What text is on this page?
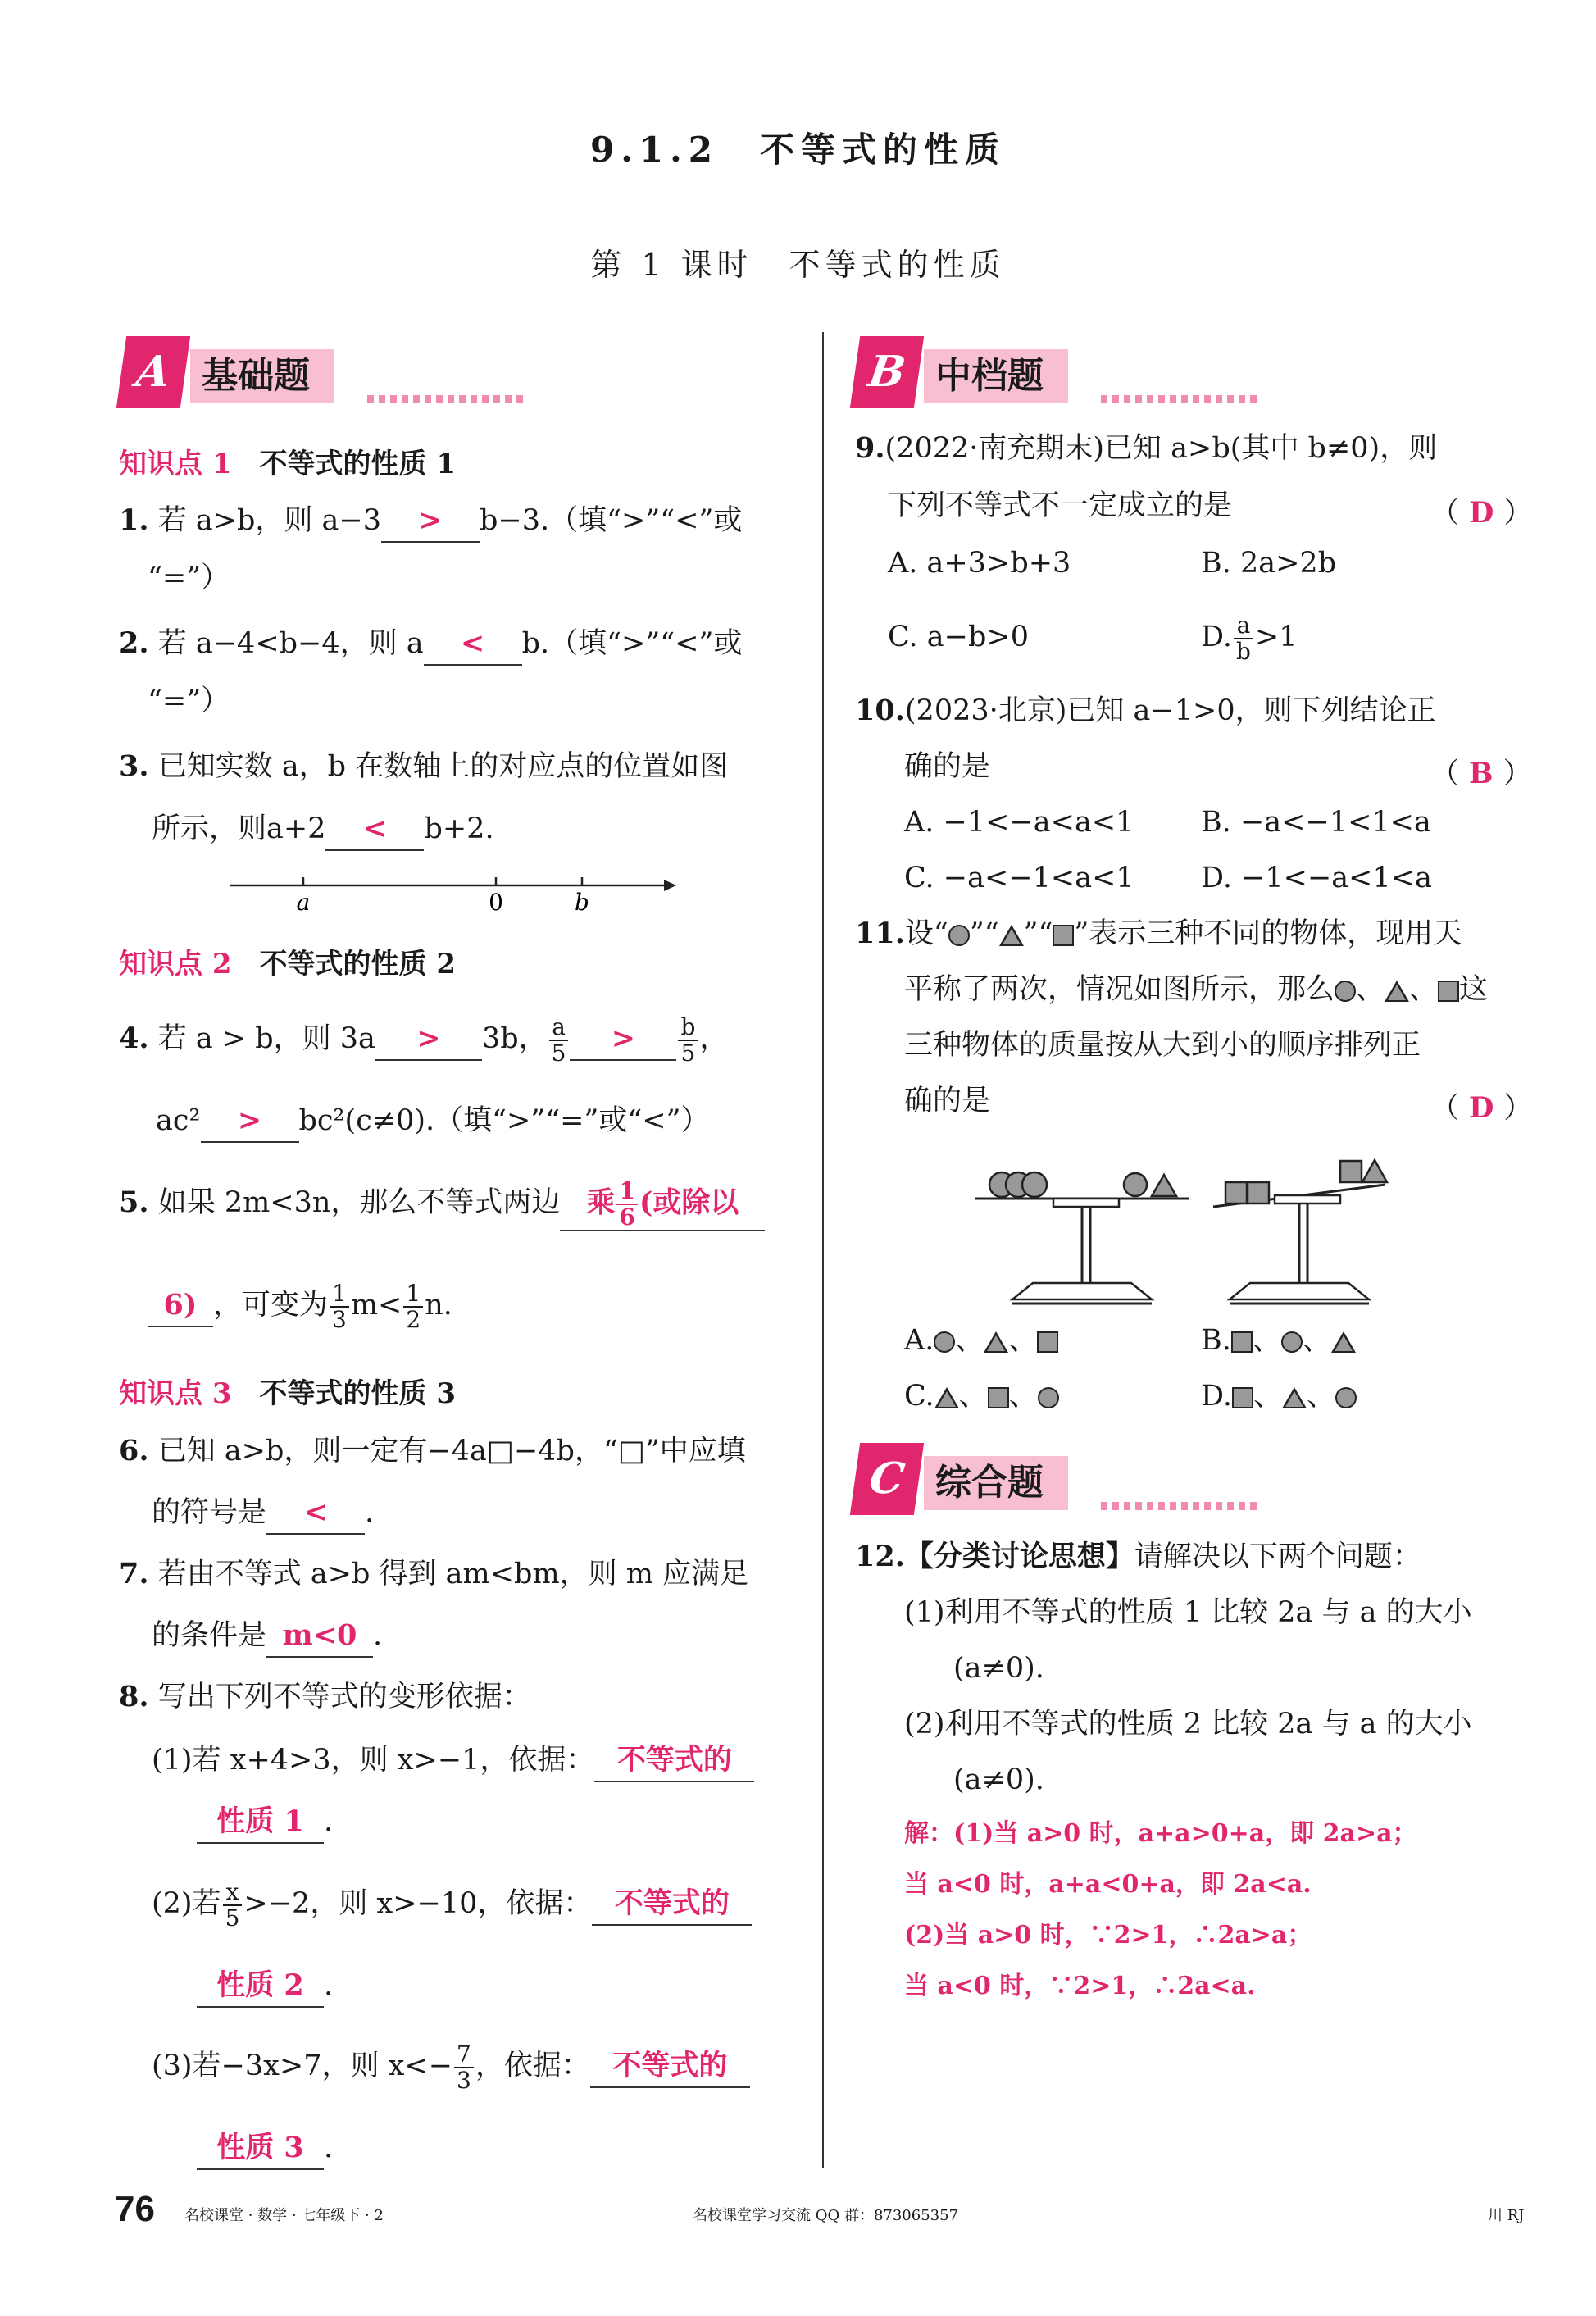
9.1.2　不等式的性质
第 1 课时　不等式的性质
A 基础题
知识点 1 不等式的性质 1
1. 若 a>b，则 a−3 > b−3.（填“>”“<”或
“=”）
2. 若 a−4<b−4，则 a < b.（填“>”“<”或
“=”）
3. 已知实数 a，b 在数轴上的对应点的位置如图
所示，则a+2 < b+2.
a	0	b
知识点 2 不等式的性质 2
4. 若 a > b，则 3a > 3b， $\frac{a}{5} > \frac{b}{5}$ ，
ac² > bc²(c≠0).（填“>”“=”或“<”）
5. 如果 2m<3n，那么不等式两边 乘 $\frac{1}{6}$ (或除以
6) ，可变为 $\frac{1}{3} m< \frac{1}{2} n$.
知识点 3 不等式的性质 3
6. 已知 a>b，则一定有−4a□−4b，“□”中应填
的符号是 < .
7. 若由不等式 a>b 得到 am<bm，则 m 应满足
的条件是 m<0 .
8. 写出下列不等式的变形依据：
(1)若 x+4>3，则 x>−1，依据： 不等式的
性质 1 .
(2)若 $\frac{x}{5} >-2$，则 x>−10，依据： 不等式的
性质 2 .
(3)若−3x>7，则 $x<- \frac{7}{3}$ ，依据： 不等式的
性质 3 .
B 中档题
9.(2022·南充期末)已知 a>b(其中 b≠0)，则
下列不等式不一定成立的是	（ D ）
A. a+3>b+3	B. 2a>2b
C. a−b>0	D. $\frac{a}{b} >1$
10.(2023·北京)已知 a−1>0，则下列结论正
确的是	（ B ）
A. −1<−a<a<1 B. −a<−1<1<a
C. −a<−1<a<1 D. −1<−a<1<a
11.设“ ”“ ”“ ”表示三种不同的物体，现用天
平称了两次，情况如图所示，那么 、 、 这
三种物体的质量按从大到小的顺序排列正
确的是	（ D ）
A. 、 、	B. 、 、
C. 、 、	D. 、 、
C 综合题
12.【分类讨论思想】请解决以下两个问题：
(1)利用不等式的性质 1 比较 2a 与 a 的大小
(a≠0).
(2)利用不等式的性质 2 比较 2a 与 a 的大小
(a≠0).
解：(1)当 a>0 时，a+a>0+a，即 2a>a；
当 a<0 时，a+a<0+a，即 2a<a.
(2)当 a>0 时，∵2>1，∴2a>a；
当 a<0 时，∵2>1，∴2a<a.
76 名校课堂 · 数学 · 七年级下 · 2	名校课堂学习交流 QQ 群：873065357	川 RJ
